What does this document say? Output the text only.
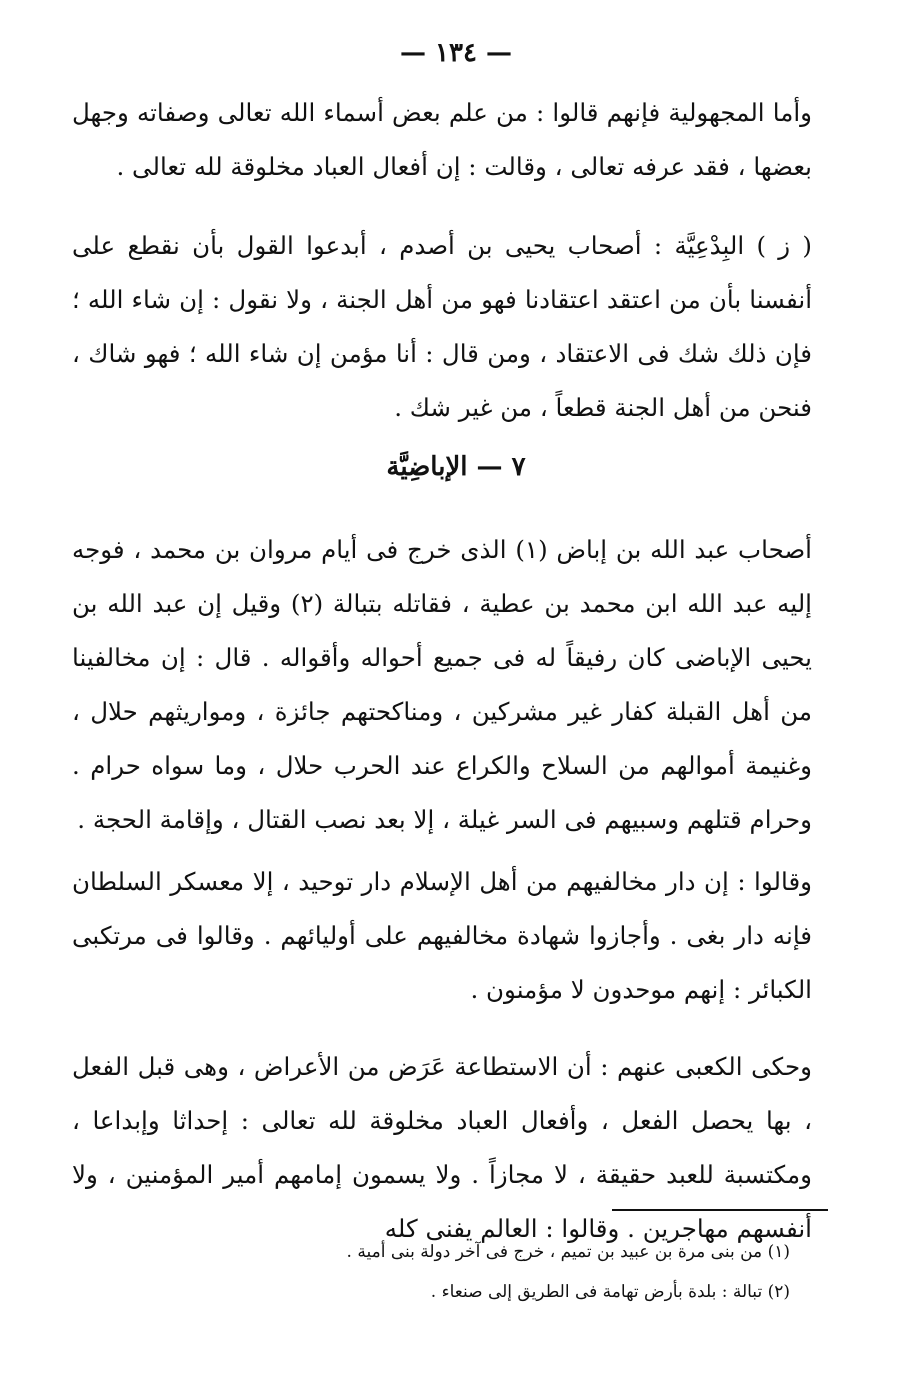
— ١٣٤ —
وأما المجهولية فإنهم قالوا : من علم بعض أسماء الله تعالى وصفاته وجهل بعضها ، فقد عرفه تعالى ، وقالت : إن أفعال العباد مخلوقة لله تعالى .
( ز ) البِدْعِيَّة : أصحاب يحيى بن أصدم ، أبدعوا القول بأن نقطع على أنفسنا بأن من اعتقد اعتقادنا فهو من أهل الجنة ، ولا نقول : إن شاء الله ؛ فإن ذلك شك فى الاعتقاد ، ومن قال : أنا مؤمن إن شاء الله ؛ فهو شاك ، فنحن من أهل الجنة قطعاً ، من غير شك .
٧ — الإباضِيَّة
أصحاب عبد الله بن إباض (١) الذى خرج فى أيام مروان بن محمد ، فوجه إليه عبد الله ابن محمد بن عطية ، فقاتله بتبالة (٢) وقيل إن عبد الله بن يحيى الإباضى كان رفيقاً له فى جميع أحواله وأقواله . قال : إن مخالفينا من أهل القبلة كفار غير مشركين ، ومناكحتهم جائزة ، ومواريثهم حلال ، وغنيمة أموالهم من السلاح والكراع عند الحرب حلال ، وما سواه حرام . وحرام قتلهم وسبيهم فى السر غيلة ، إلا بعد نصب القتال ، وإقامة الحجة .
وقالوا : إن دار مخالفيهم من أهل الإسلام دار توحيد ، إلا معسكر السلطان فإنه دار بغى . وأجازوا شهادة مخالفيهم على أوليائهم . وقالوا فى مرتكبى الكبائر : إنهم موحدون لا مؤمنون .
وحكى الكعبى عنهم : أن الاستطاعة عَرَض من الأعراض ، وهى قبل الفعل ، بها يحصل الفعل ، وأفعال العباد مخلوقة لله تعالى : إحداثا وإبداعا ، ومكتسبة للعبد حقيقة ، لا مجازاً . ولا يسمون إمامهم أمير المؤمنين ، ولا أنفسهم مهاجرين . وقالوا : العالم يفنى كله

(١) من بنى مرة بن عبيد بن تميم ، خرج فى آخر دولة بنى أمية .

(٢) تبالة : بلدة بأرض تهامة فى الطريق إلى صنعاء .
